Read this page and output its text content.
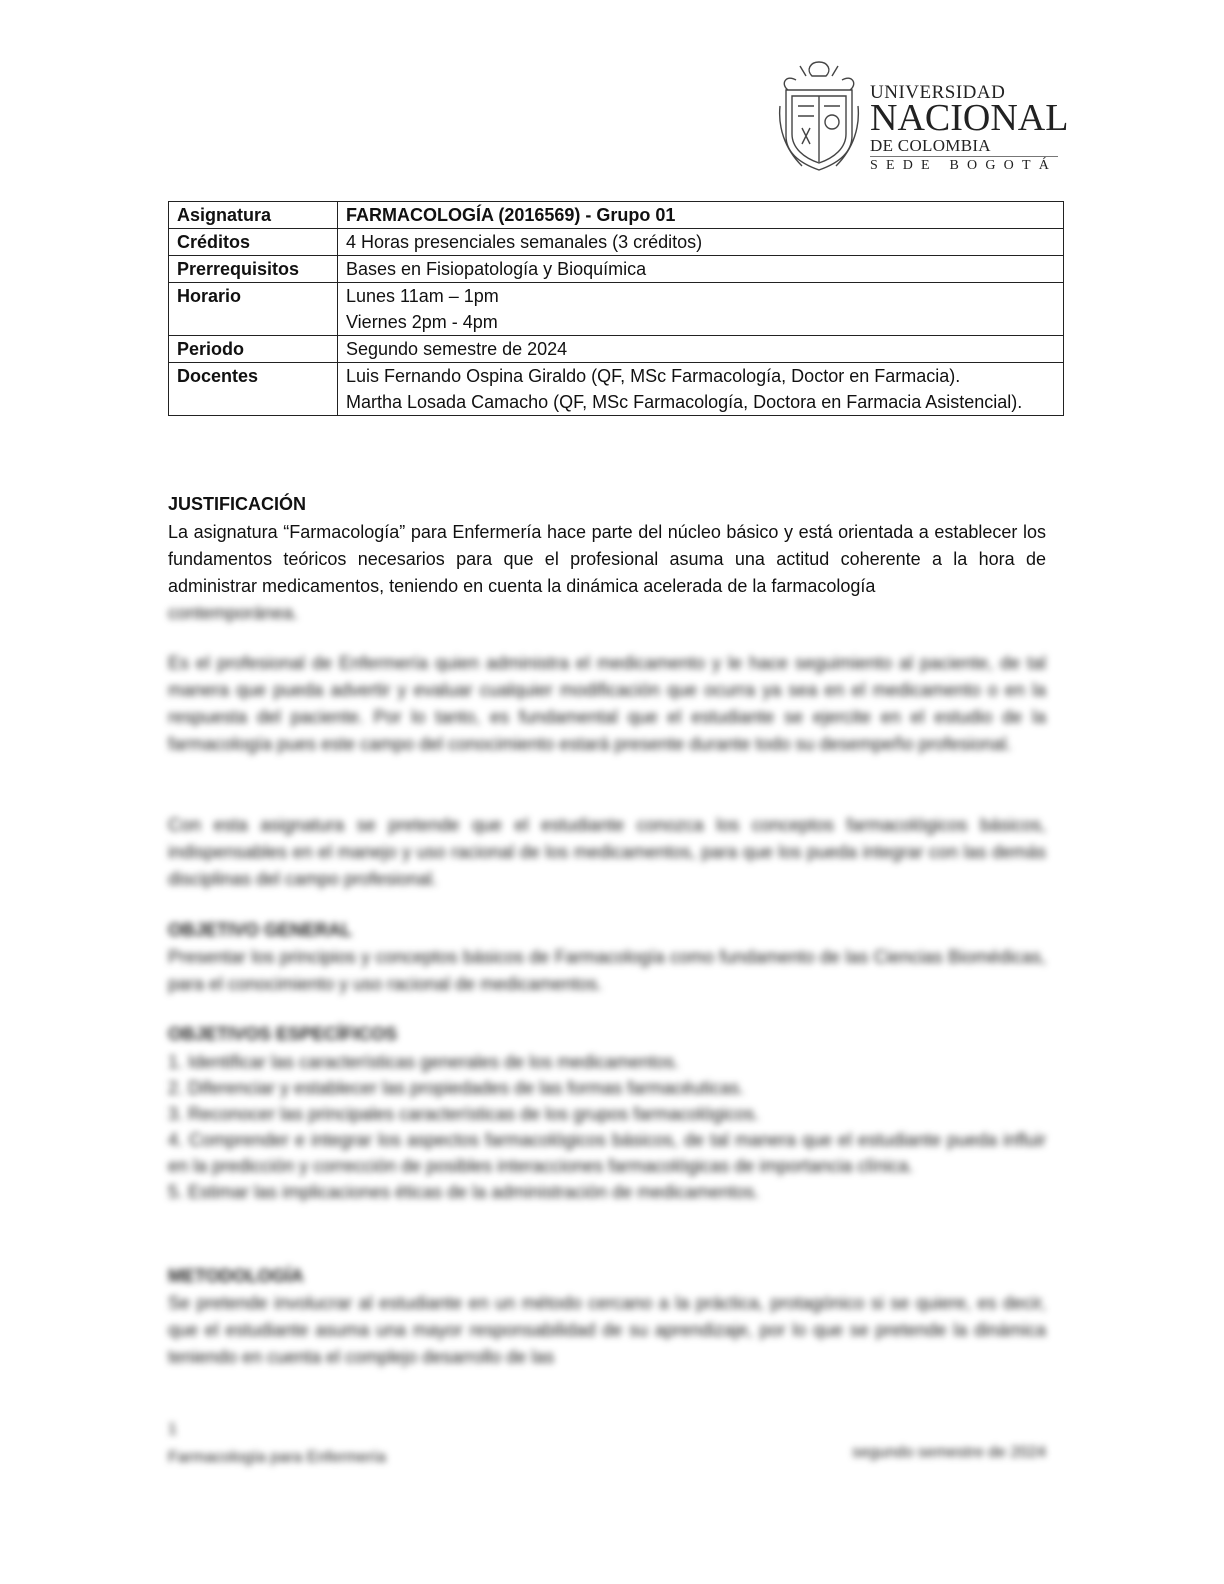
UNIVERSIDAD
NACIONAL
DE COLOMBIA
SEDE BOGOTÁ
Asignatura	FARMACOLOGÍA (2016569) - Grupo 01
Créditos	4 Horas presenciales semanales (3 créditos)
Prerrequisitos	Bases en Fisiopatología y Bioquímica
Horario	Lunes 11am – 1pm
Viernes 2pm - 4pm

Periodo	Segundo semestre de 2024
Docentes	Luis Fernando Ospina Giraldo (QF, MSc Farmacología, Doctor en Farmacia).
Martha Losada Camacho (QF, MSc Farmacología, Doctora en Farmacia Asistencial).
JUSTIFICACIÓN
La asignatura “Farmacología” para Enfermería hace parte del núcleo básico y está orientada a establecer los fundamentos teóricos necesarios para que el profesional asuma una actitud coherente a la hora de administrar medicamentos, teniendo en cuenta la dinámica acelerada de la farmacología
contemporánea.
Es el profesional de Enfermería quien administra el medicamento y le hace seguimiento al paciente, de tal manera que pueda advertir y evaluar cualquier modificación que ocurra ya sea en el medicamento o en la respuesta del paciente. Por lo tanto, es fundamental que el estudiante se ejercite en el estudio de la farmacología pues este campo del conocimiento estará presente durante todo su desempeño profesional.
Con esta asignatura se pretende que el estudiante conozca los conceptos farmacológicos básicos, indispensables en el manejo y uso racional de los medicamentos, para que los pueda integrar con las demás disciplinas del campo profesional.
OBJETIVO GENERAL
Presentar los principios y conceptos básicos de Farmacología como fundamento de las Ciencias Biomédicas, para el conocimiento y uso racional de medicamentos.
OBJETIVOS ESPECÍFICOS
1. Identificar las características generales de los medicamentos.
2. Diferenciar y establecer las propiedades de las formas farmacéuticas.
3. Reconocer las principales características de los grupos farmacológicos.
4. Comprender e integrar los aspectos farmacológicos básicos, de tal manera que el estudiante pueda influir en la predicción y corrección de posibles interacciones farmacológicas de importancia clínica.
5. Estimar las implicaciones éticas de la administración de medicamentos.
METODOLOGÍA
Se pretende involucrar al estudiante en un método cercano a la práctica, protagónico si se quiere, es decir, que el estudiante asuma una mayor responsabilidad de su aprendizaje, por lo que se pretende la dinámica teniendo en cuenta el complejo desarrollo de las
1
Farmacología para Enfermería	segundo semestre de 2024
